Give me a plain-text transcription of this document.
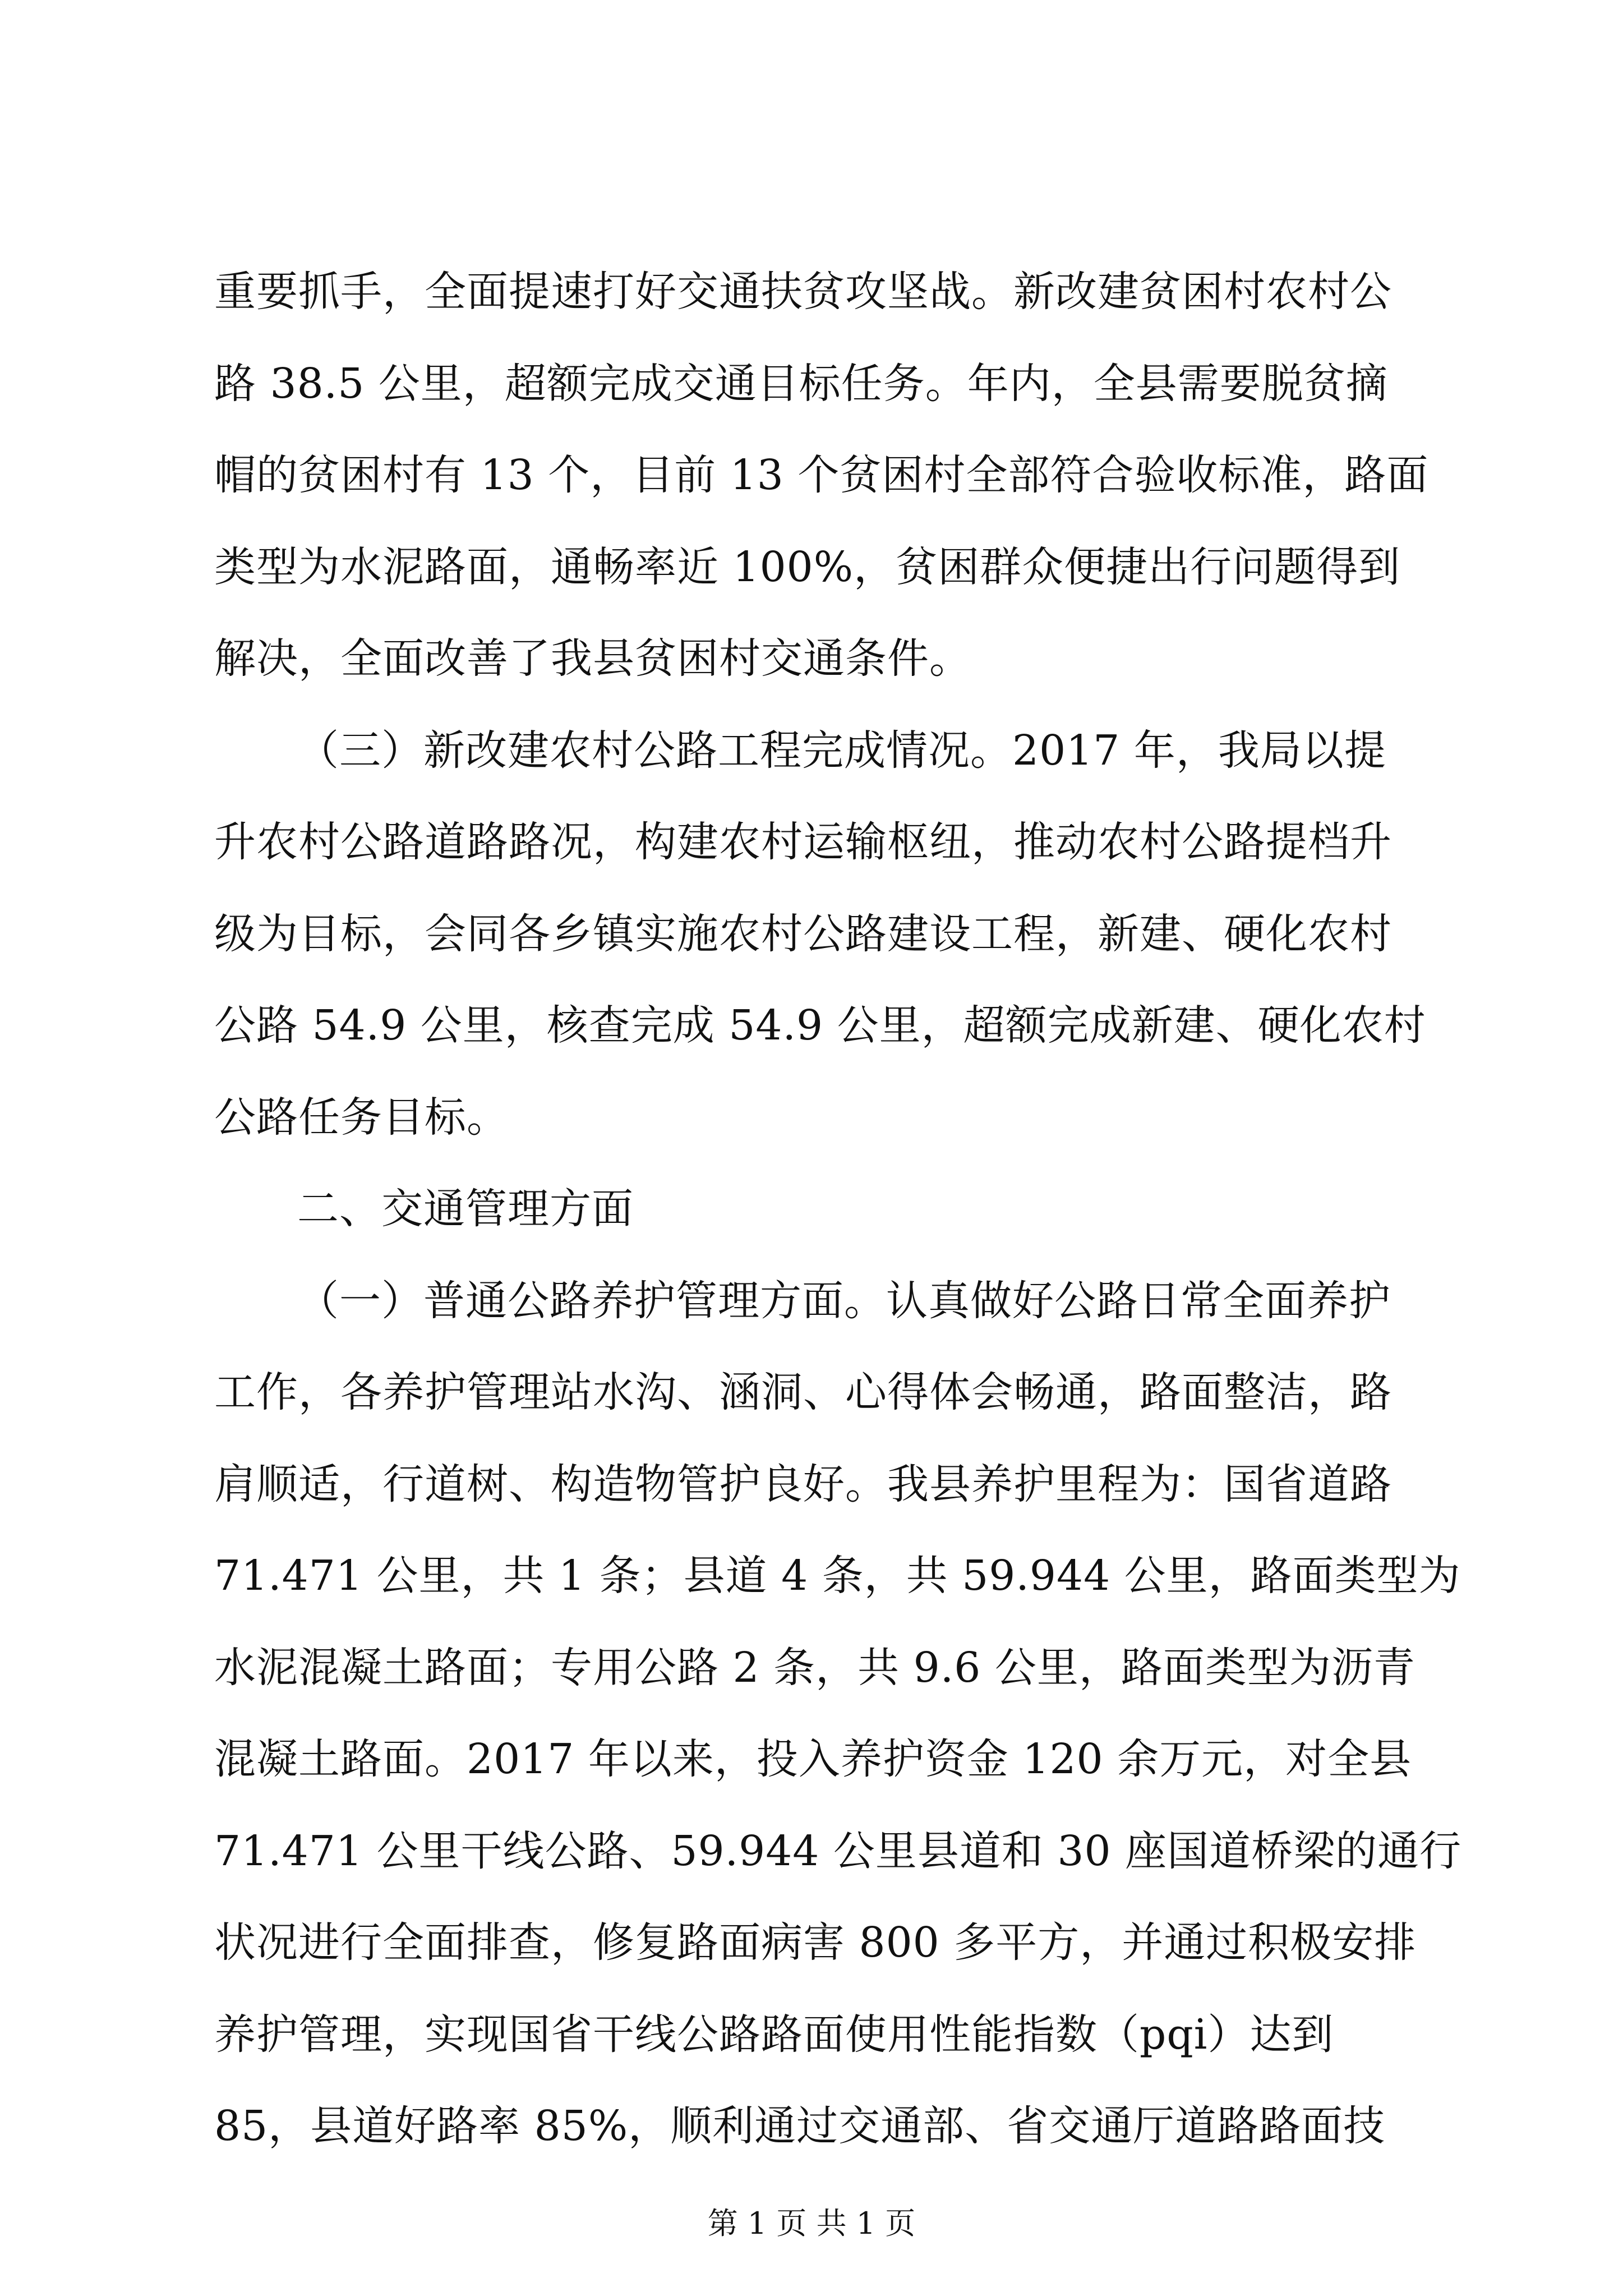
重要抓手，全面提速打好交通扶贫攻坚战。新改建贫困村农村公
路 38.5 公里，超额完成交通目标任务。年内，全县需要脱贫摘
帽的贫困村有 13 个，目前 13 个贫困村全部符合验收标准，路面
类型为水泥路面，通畅率近 100%，贫困群众便捷出行问题得到
解决，全面改善了我县贫困村交通条件。
（三）新改建农村公路工程完成情况。2017 年，我局以提
升农村公路道路路况，构建农村运输枢纽，推动农村公路提档升
级为目标，会同各乡镇实施农村公路建设工程，新建、硬化农村
公路 54.9 公里，核查完成 54.9 公里，超额完成新建、硬化农村
公路任务目标。
二、交通管理方面
（一）普通公路养护管理方面。认真做好公路日常全面养护
工作，各养护管理站水沟、涵洞、心得体会畅通，路面整洁，路
肩顺适，行道树、构造物管护良好。我县养护里程为：国省道路
71.471 公里，共 1 条；县道 4 条，共 59.944 公里，路面类型为
水泥混凝土路面；专用公路 2 条，共 9.6 公里，路面类型为沥青
混凝土路面。2017 年以来，投入养护资金 120 余万元，对全县
71.471 公里干线公路、59.944 公里县道和 30 座国道桥梁的通行
状况进行全面排查，修复路面病害 800 多平方，并通过积极安排
养护管理，实现国省干线公路路面使用性能指数（pqi）达到
第 1 页 共 1 页
85，县道好路率 85%，顺利通过交通部、省交通厅道路路面技
